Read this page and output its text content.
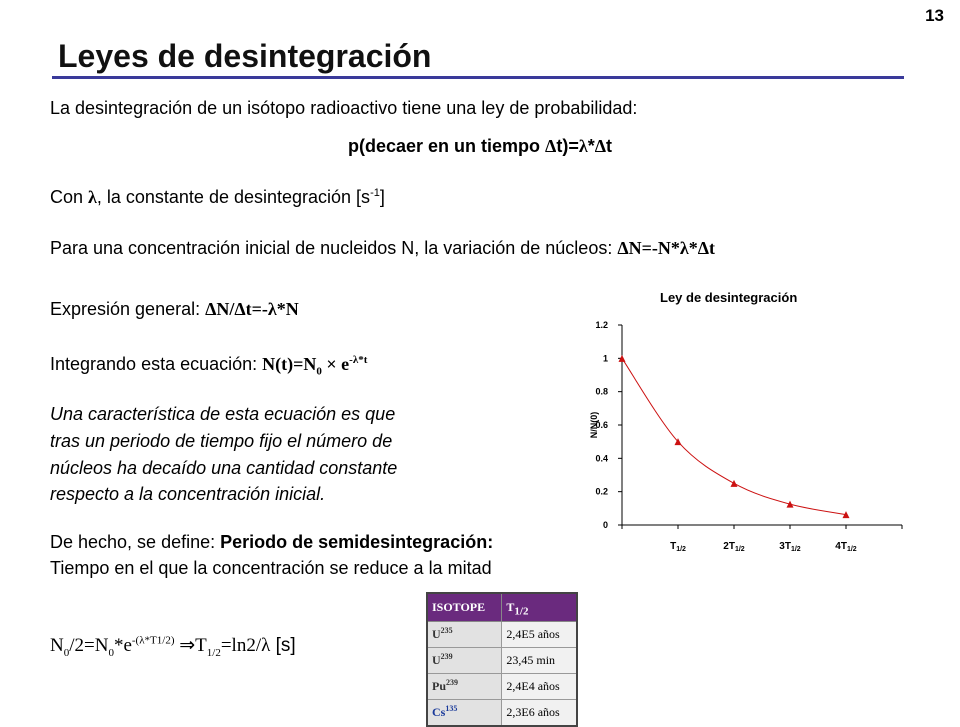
13
Leyes de desintegración
La desintegración de un isótopo radioactivo tiene una ley de probabilidad:
p(decaer en un tiempo Δt)=λ*Δt
Con λ, la constante de desintegración $[s^{-1}]$
Para una concentración inicial de nucleidos N, la variación de núcleos: ΔN=-N*λ*Δt
Expresión general: ΔN/Δt=-λ*N
Integrando esta ecuación: $N(t)=N_0 \times e^{-\lambda*t}$
Una característica de esta ecuación es que
tras un periodo de tiempo fijo el número de
núcleos ha decaído una cantidad constante
respecto a la concentración inicial.
De hecho, se define: Periodo de semidesintegración:
Tiempo en el que la concentración se reduce a la mitad
$N_0/2=N_0*e^{-(\lambda*T1/2)}$ $\Rightarrow T_{1/2}=\ln 2/\lambda$ [s]
Ley de desintegración
0
0.2
0.4
0.6
0.8
1
1.2
$T_{1/2}$	$2T_{1/2}$	$3T_{1/2}$	$4T_{1/2}$
N/N(0)
ISOTOPE	$T_{1/2}$
$U^{235}$	2,4E5 años
$U^{239}$	23,45 min
Pu$^{239}$	2,4E4 años
Cs$^{135}$	2,3E6 años
